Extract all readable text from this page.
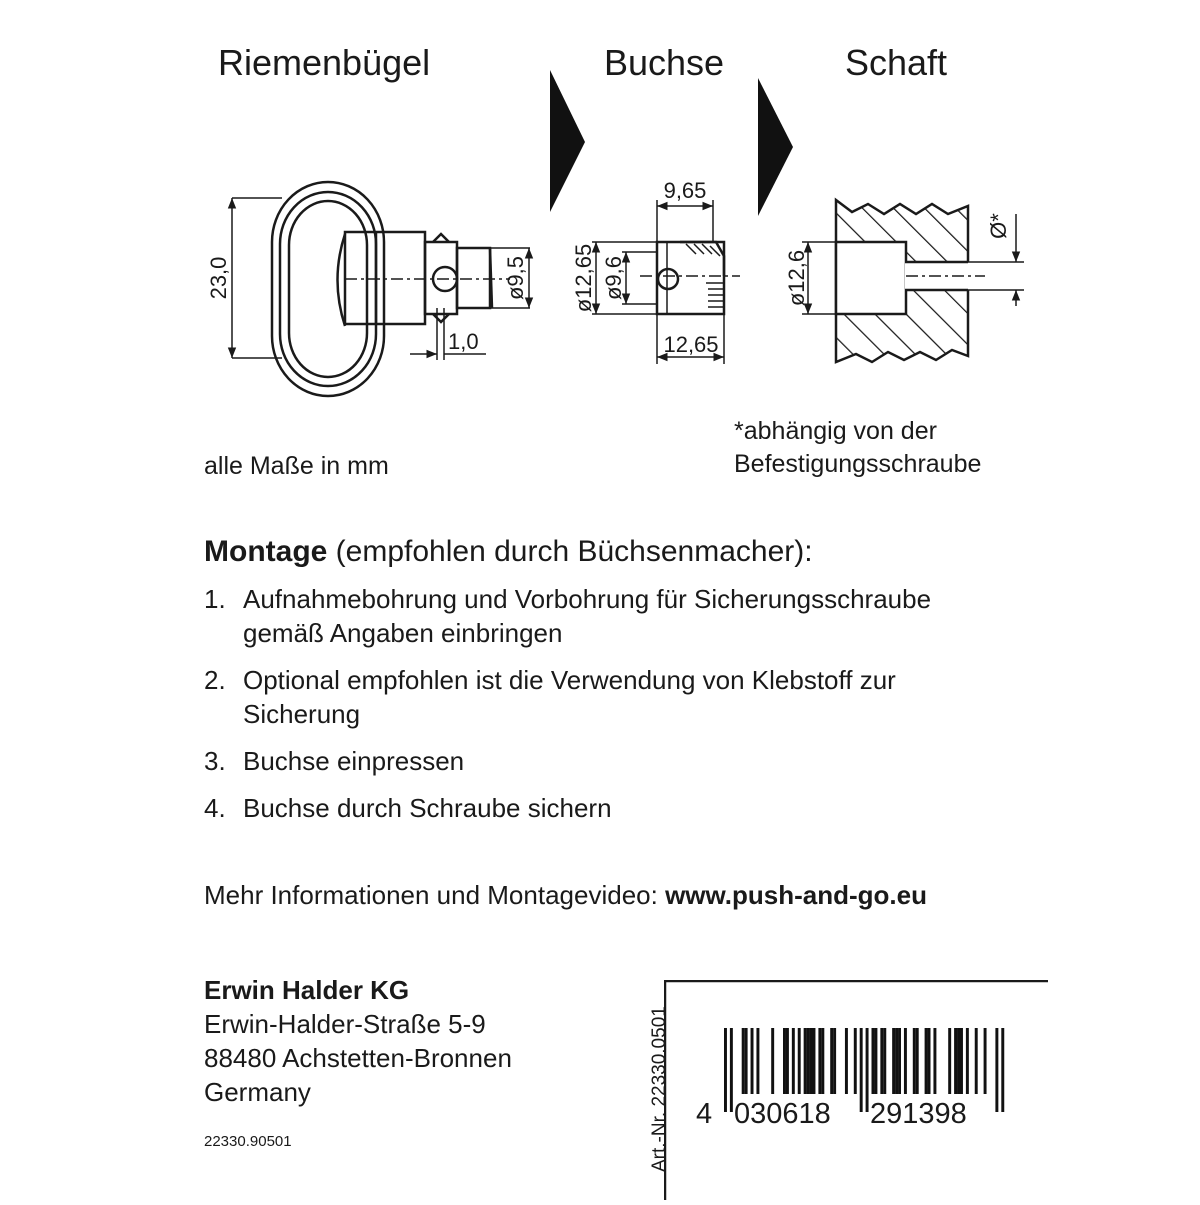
Riemenbügel	Buchse	Schaft
23,0	ø9,5
1,0
9,65
12,65
ø12,65 ø9,6	ø12,6
Ø*
alle Maße in mm
*abhängig von der
Befestigungsschraube
Montage (empfohlen durch Büchsenmacher):
1. Aufnahmebohrung und Vorbohrung für Sicherungsschraube gemäß Angaben einbringen
2. Optional empfohlen ist die Verwendung von Klebstoff zur Sicherung
3. Buchse einpressen
4. Buchse durch Schraube sichern
Mehr Informationen und Montagevideo: www.push-and-go.eu
Erwin Halder KG
Erwin-Halder-Straße 5-9
88480 Achstetten-Bronnen
Germany
22330.90501	Art.-Nr. 22330.0501 4 030618 291398
